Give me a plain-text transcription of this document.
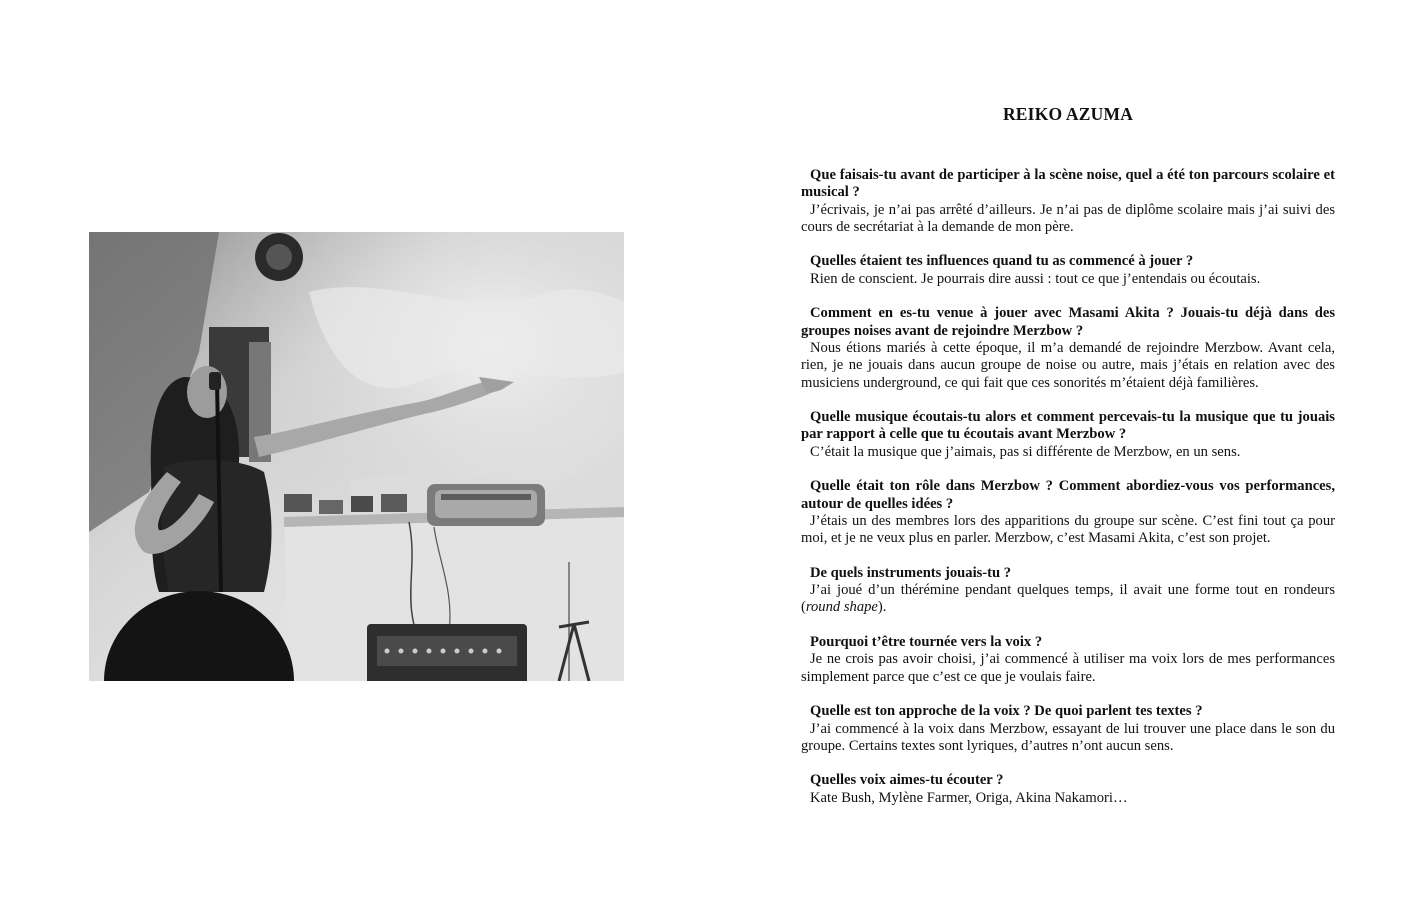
REIKO AZUMA
Que faisais-tu avant de participer à la scène noise, quel a été ton parcours scolaire et musical ?
J’écrivais, je n’ai pas arrêté d’ailleurs. Je n’ai pas de diplôme scolaire mais j’ai suivi des cours de secrétariat à la demande de mon père.
Quelles étaient tes influences quand tu as commencé à jouer ?
Rien de conscient. Je pourrais dire aussi : tout ce que j’entendais ou écoutais.
Comment en es-tu venue à jouer avec Masami Akita ? Jouais-tu déjà dans des groupes noises avant de rejoindre Merzbow ?
Nous étions mariés à cette époque, il m’a demandé de rejoindre Merzbow. Avant cela, rien, je ne jouais dans aucun groupe de noise ou autre, mais j’étais en relation avec des musiciens underground, ce qui fait que ces sonorités m’étaient déjà familières.
Quelle musique écoutais-tu alors et comment percevais-tu la musique que tu jouais par rapport à celle que tu écoutais avant Merzbow ?
C’était la musique que j’aimais, pas si différente de Merzbow, en un sens.
Quelle était ton rôle dans Merzbow ? Comment abordiez-vous vos performances, autour de quelles idées ?
J’étais un des membres lors des apparitions du groupe sur scène. C’est fini tout ça pour moi, et je ne veux plus en parler. Merzbow, c’est Masami Akita, c’est son projet.
De quels instruments jouais-tu ?
J’ai joué d’un thérémine pendant quelques temps, il avait une forme tout en rondeurs (round shape).
Pourquoi t’être tournée vers la voix ?
Je ne crois pas avoir choisi, j’ai commencé à utiliser ma voix lors de mes performances simplement parce que c’est ce que je voulais faire.
Quelle est ton approche de la voix ? De quoi parlent tes textes ?
J’ai commencé à la voix dans Merzbow, essayant de lui trouver une place dans le son du groupe. Certains textes sont lyriques, d’autres n’ont aucun sens.
Quelles voix aimes-tu écouter ?
Kate Bush, Mylène Farmer, Origa, Akina Nakamori…
